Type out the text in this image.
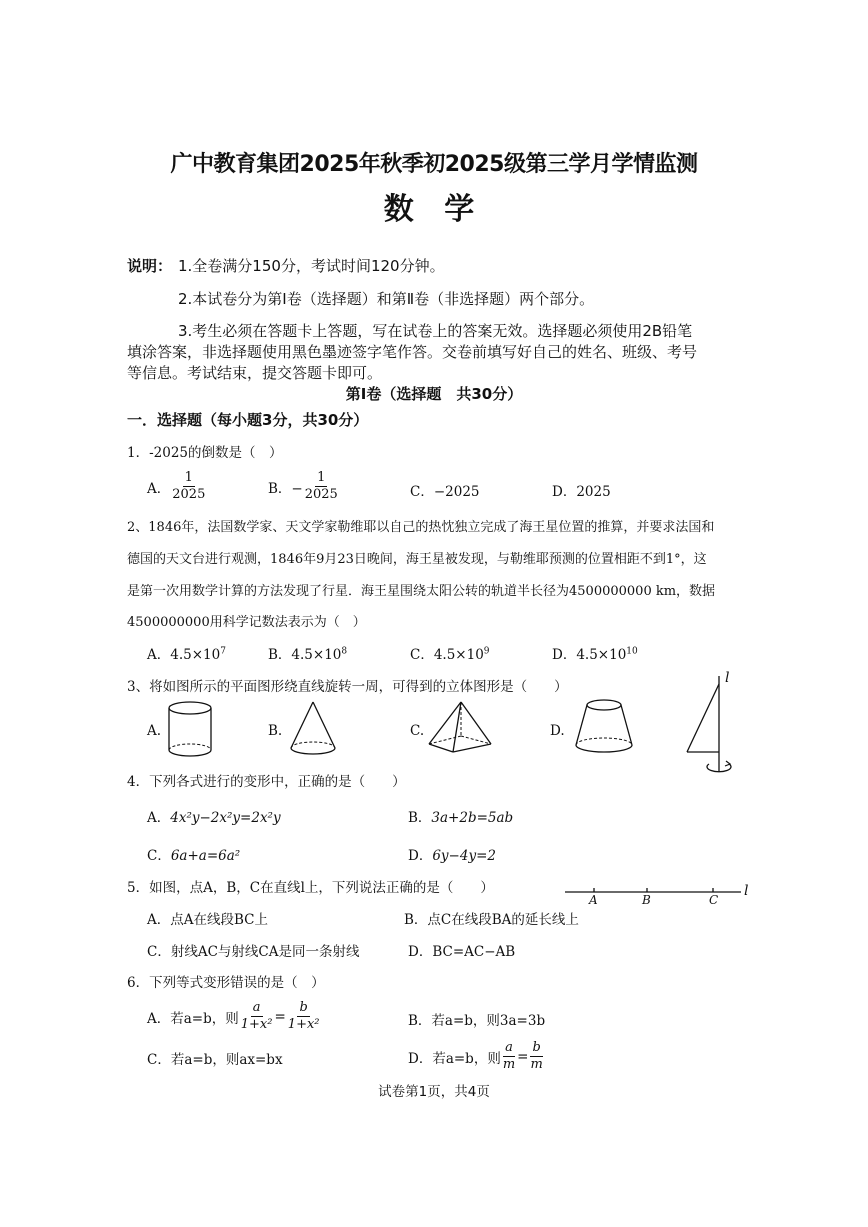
广中教育集团2025年秋季初2025级第三学月学情监测
数 学
说明： 1.全卷满分150分，考试时间120分钟。
2.本试卷分为第Ⅰ卷（选择题）和第Ⅱ卷（非选择题）两个部分。
3.考生必须在答题卡上答题，写在试卷上的答案无效。选择题必须使用2B铅笔
填涂答案，非选择题使用黑色墨迹签字笔作答。交卷前填写好自己的姓名、班级、考号
等信息。考试结束，提交答题卡即可。
第Ⅰ卷（选择题　共30分）
一．选择题（每小题3分，共30分）
1．-2025的倒数是（　）
A． $\frac{1}{2025}$	B．− $\frac{1}{2025}$	C．−2025	D．2025
2、1846年，法国数学家、天文学家勒维耶以自己的热忱独立完成了海王星位置的推算，并要求法国和
德国的天文台进行观测，1846年9月23日晚间，海王星被发现，与勒维耶预测的位置相距不到1°，这
是第一次用数学计算的方法发现了行星．海王星围绕太阳公转的轨道半长径为4500000000 km，数据
4500000000用科学记数法表示为（　）
A．$4.5\times 10^7$	B．$4.5\times 10^8$	C．$4.5\times 10^9$	D．$4.5\times 10^{10}$
3、将如图所示的平面图形绕直线旋转一周，可得到的立体图形是（　　）
A.	B.	C.	D.
l
4．下列各式进行的变形中，正确的是（　　）
A．4x²y−2x²y=2x²y	B．3a+2b=5ab
C．6a+a=6a²	D．6y−4y=2
5．如图，点A，B，C在直线l上，下列说法正确的是（　　）
A	B	C
l
A．点A在线段BC上	B．点C在线段BA的延长线上
C．射线AC与射线CA是同一条射线	D．BC=AC−AB
6．下列等式变形错误的是（　）
A．若a=b，则 $\frac{a}{\text{1+x²}} = \frac{b}{\text{1+x²}}$	B．若a=b，则3a=3b
C．若a=b，则ax=bx	D．若a=b，则 $\frac{a}{m} = \frac{b}{m}$
试卷第1页，共4页
